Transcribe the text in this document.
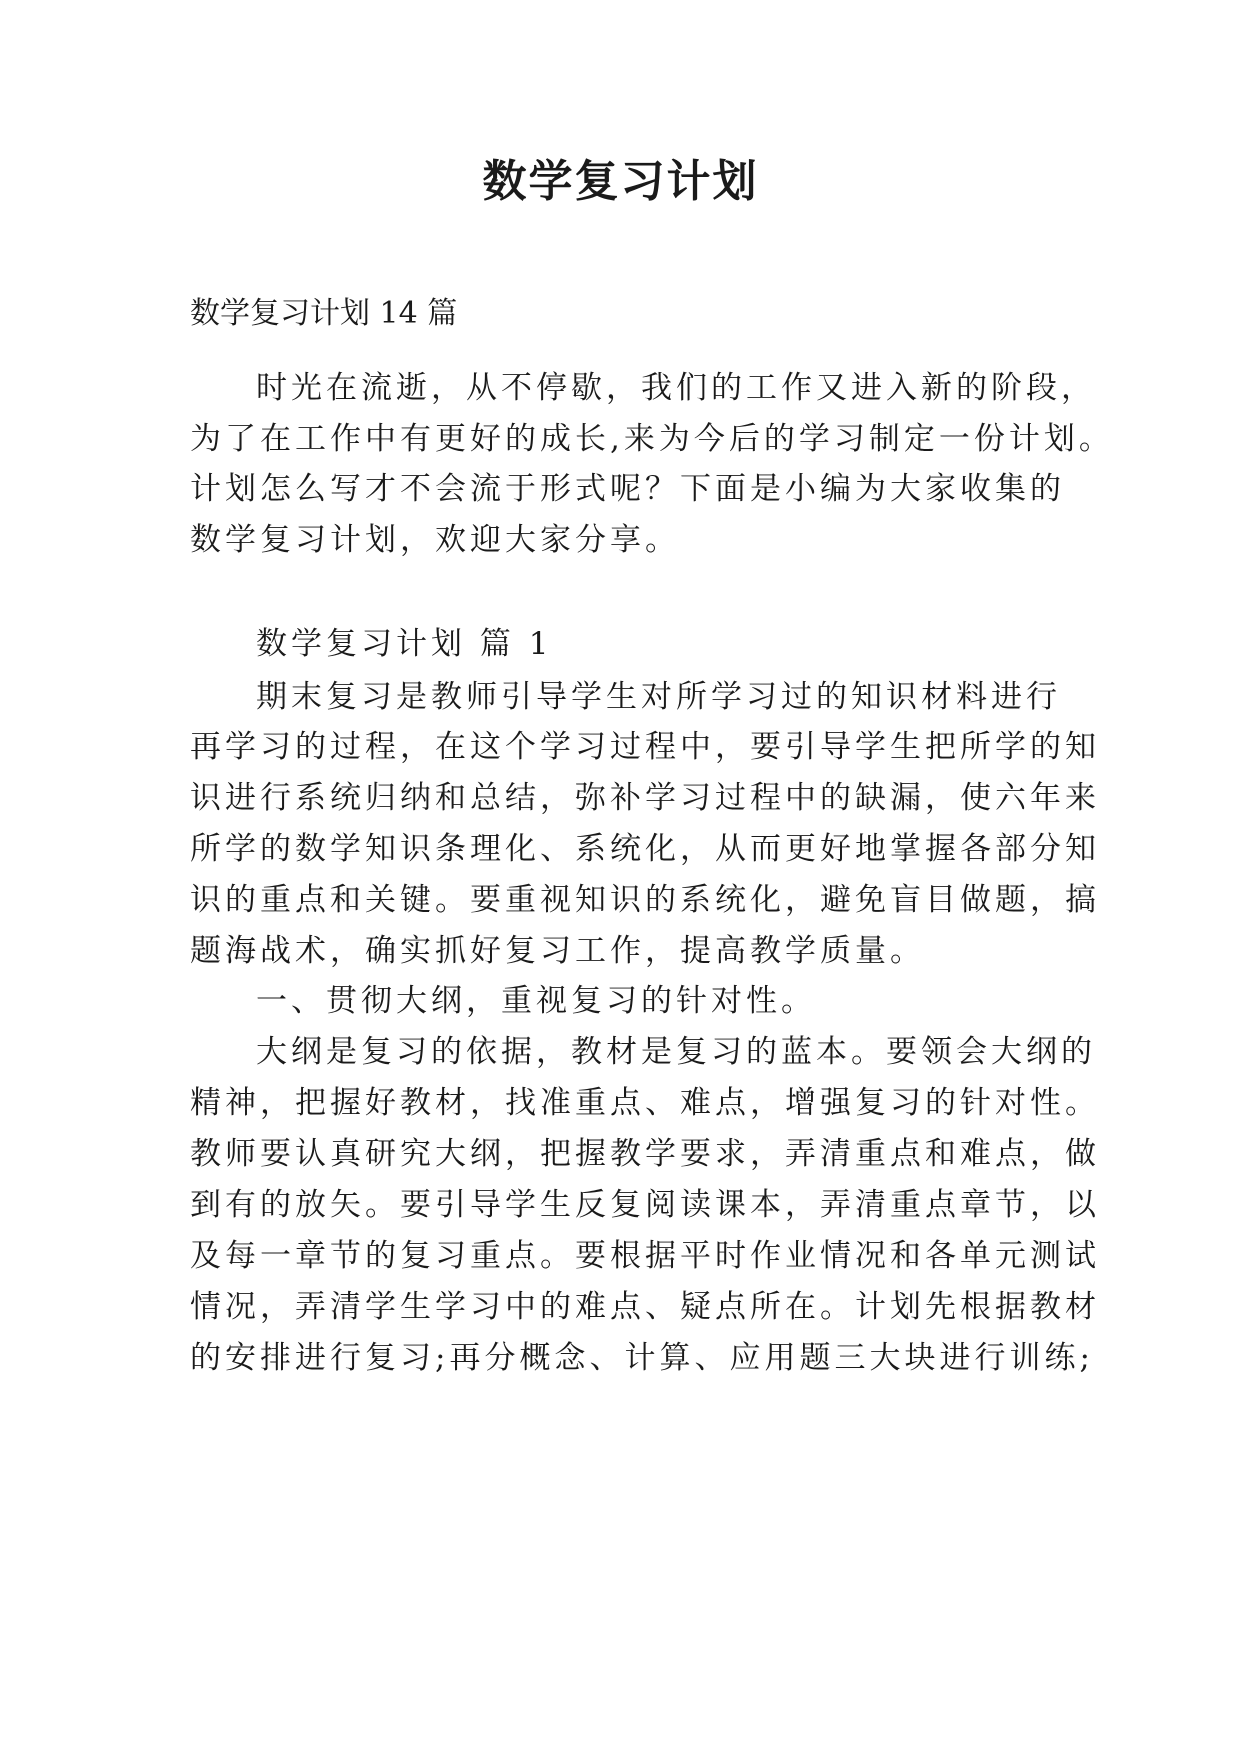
数学复习计划

数学复习计划 14 篇

时光在流逝，从不停歇，我们的工作又进入新的阶段，

为了在工作中有更好的成长,来为今后的学习制定一份计划。

计划怎么写才不会流于形式呢？下面是小编为大家收集的

数学复习计划，欢迎大家分享。

数学复习计划 篇 1

期末复习是教师引导学生对所学习过的知识材料进行

再学习的过程，在这个学习过程中，要引导学生把所学的知

识进行系统归纳和总结，弥补学习过程中的缺漏，使六年来

所学的数学知识条理化、系统化，从而更好地掌握各部分知

识的重点和关键。要重视知识的系统化，避免盲目做题，搞

题海战术，确实抓好复习工作，提高教学质量。

一、贯彻大纲，重视复习的针对性。

大纲是复习的依据，教材是复习的蓝本。要领会大纲的

精神，把握好教材，找准重点、难点，增强复习的针对性。

教师要认真研究大纲，把握教学要求，弄清重点和难点，做

到有的放矢。要引导学生反复阅读课本，弄清重点章节，以

及每一章节的复习重点。要根据平时作业情况和各单元测试

情况，弄清学生学习中的难点、疑点所在。计划先根据教材

的安排进行复习;再分概念、计算、应用题三大块进行训练;
